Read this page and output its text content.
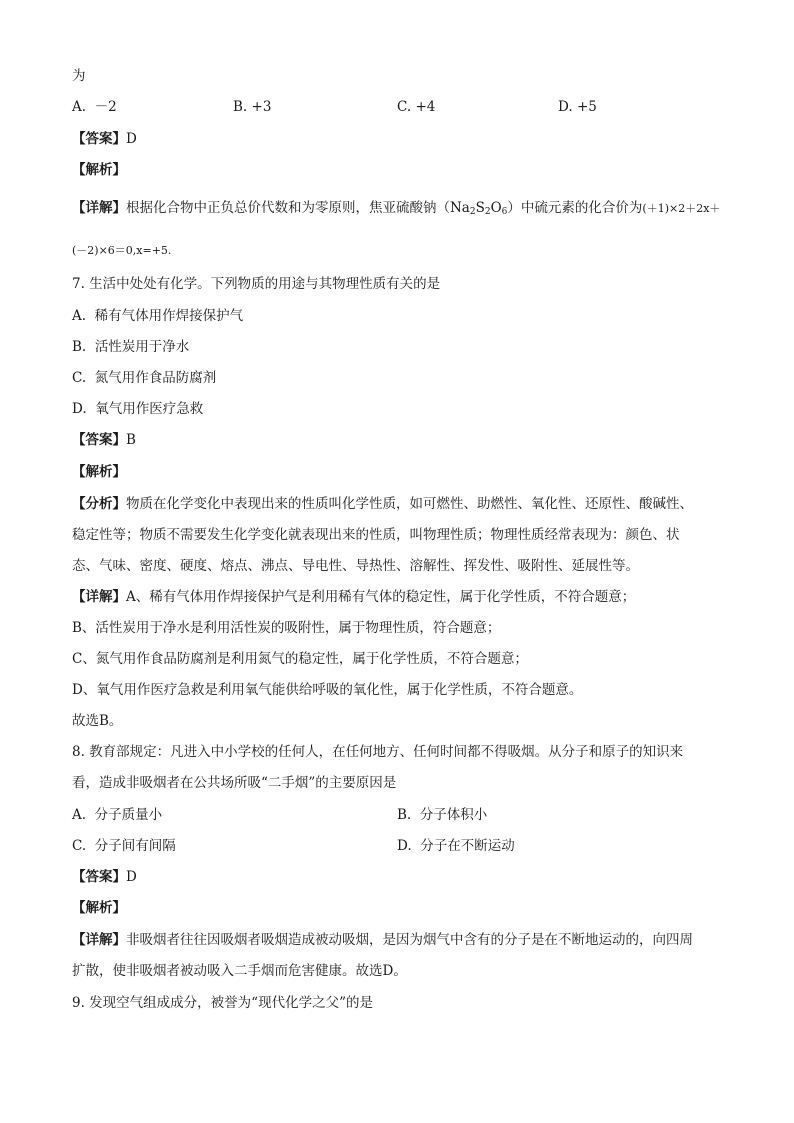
为
A. －2	B. +3	C. +4	D. +5
【答案】D
【解析】
【详解】根据化合物中正负总价代数和为零原则，焦亚硫酸钠$(Na_2S_2O_6)$中硫元素的化合价为(＋1)×2＋2x＋
(－2)×6＝0,x=+5.
7. 生活中处处有化学。下列物质的用途与其物理性质有关的是
A. 稀有气体用作焊接保护气
B. 活性炭用于净水
C. 氮气用作食品防腐剂
D. 氧气用作医疗急救
【答案】B
【解析】
【分析】物质在化学变化中表现出来的性质叫化学性质，如可燃性、助燃性、氧化性、还原性、酸碱性、
稳定性等；物质不需要发生化学变化就表现出来的性质，叫物理性质；物理性质经常表现为：颜色、状
态、气味、密度、硬度、熔点、沸点、导电性、导热性、溶解性、挥发性、吸附性、延展性等。
【详解】A、稀有气体用作焊接保护气是利用稀有气体的稳定性，属于化学性质，不符合题意；
B、活性炭用于净水是利用活性炭的吸附性，属于物理性质，符合题意；
C、氮气用作食品防腐剂是利用氮气的稳定性，属于化学性质，不符合题意；
D、氧气用作医疗急救是利用氧气能供给呼吸的氧化性，属于化学性质，不符合题意。
故选B。
8. 教育部规定：凡进入中小学校的任何人，在任何地方、任何时间都不得吸烟。从分子和原子的知识来
看，造成非吸烟者在公共场所吸“二手烟”的主要原因是
A. 分子质量小	B. 分子体积小
C. 分子间有间隔	D. 分子在不断运动
【答案】D
【解析】
【详解】非吸烟者往往因吸烟者吸烟造成被动吸烟，是因为烟气中含有的分子是在不断地运动的，向四周
扩散，使非吸烟者被动吸入二手烟而危害健康。故选D。
9. 发现空气组成成分，被誉为“现代化学之父”的是
